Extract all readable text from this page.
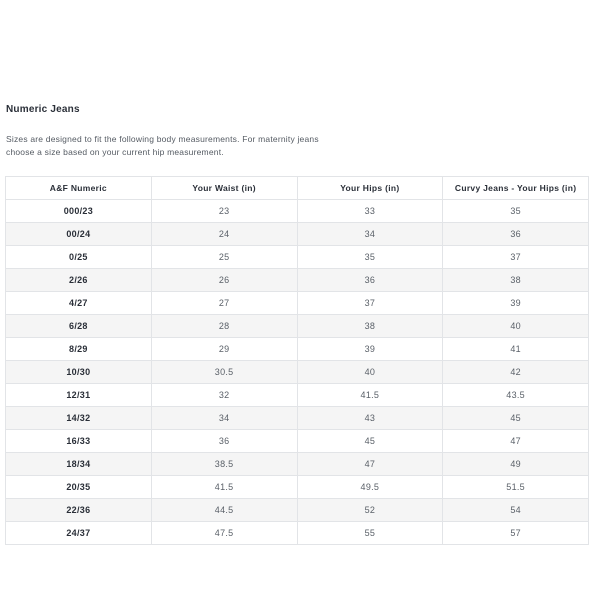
Numeric Jeans
Sizes are designed to fit the following body measurements. For maternity jeans choose a size based on your current hip measurement.
A&F Numeric	Your Waist (in)	Your Hips (in)	Curvy Jeans - Your Hips (in)
000/23	23	33	35
00/24	24	34	36
0/25	25	35	37
2/26	26	36	38
4/27	27	37	39
6/28	28	38	40
8/29	29	39	41
10/30	30.5	40	42
12/31	32	41.5	43.5
14/32	34	43	45
16/33	36	45	47
18/34	38.5	47	49
20/35	41.5	49.5	51.5
22/36	44.5	52	54
24/37	47.5	55	57
